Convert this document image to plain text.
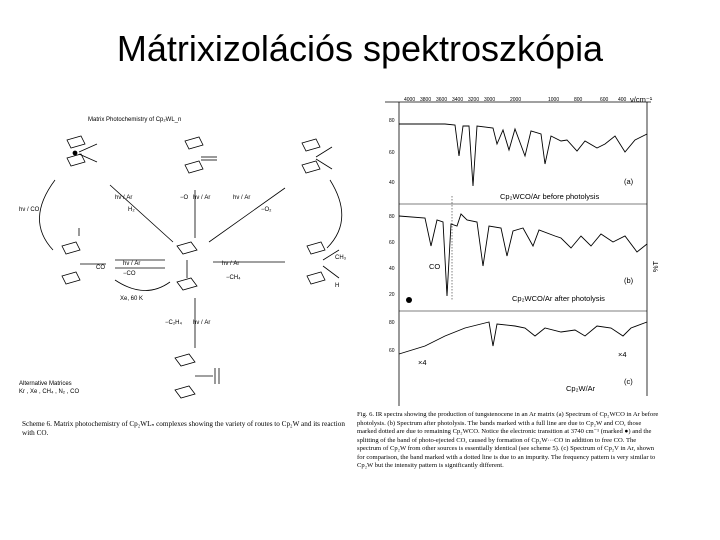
Mátrixizolációs spektroszkópia
Matrix Photochemistry of Cp₂WL_n
hν / CO
hν / Ar
H₂
−O hν / Ar	hν / Ar
−O₂
hν / Ar
−CO
hν / Ar
−CH₄
Xe, 60 K
−C₂H₄ hν / Ar
CO
CH₃
H
Alternative Matrices
Kr , Xe , CH₄ , N₂ , CO
Scheme 6. Matrix photochemistry of Cp₂WLₙ complexes showing the variety of routes to Cp₂W and its reaction with CO.
4000 3800 3600 3400 3200 3000	2000	1000	800	600 400 ν/cm⁻¹
80
60
40
80
60
40
20
80
60
%T
Cp₂WCO/Ar before photolysis
(a)
Cp₂WCO/Ar after photolysis
(b)
Cp₂W/Ar
(c)
CO
×4
×4
Fig. 6. IR spectra showing the production of tungstenocene in an Ar matrix (a) Spectrum of Cp₂WCO in Ar before photolysis. (b) Spectrum after photolysis. The bands marked with a full line are due to Cp₂W and CO, those marked dotted are due to remaining Cp₂WCO. Notice the electronic transition at 3740 cm⁻¹ (marked ●) and the splitting of the band of photo-ejected CO, caused by formation of Cp₂W···CO in addition to free CO. The spectrum of Cp₂W from other sources is essentially identical (see scheme 5). (c) Spectrum of Cp₂V in Ar, shown for comparison, the band marked with a dotted line is due to an impurity. The frequency pattern is very similar to Cp₂W but the intensity pattern is significantly different.
